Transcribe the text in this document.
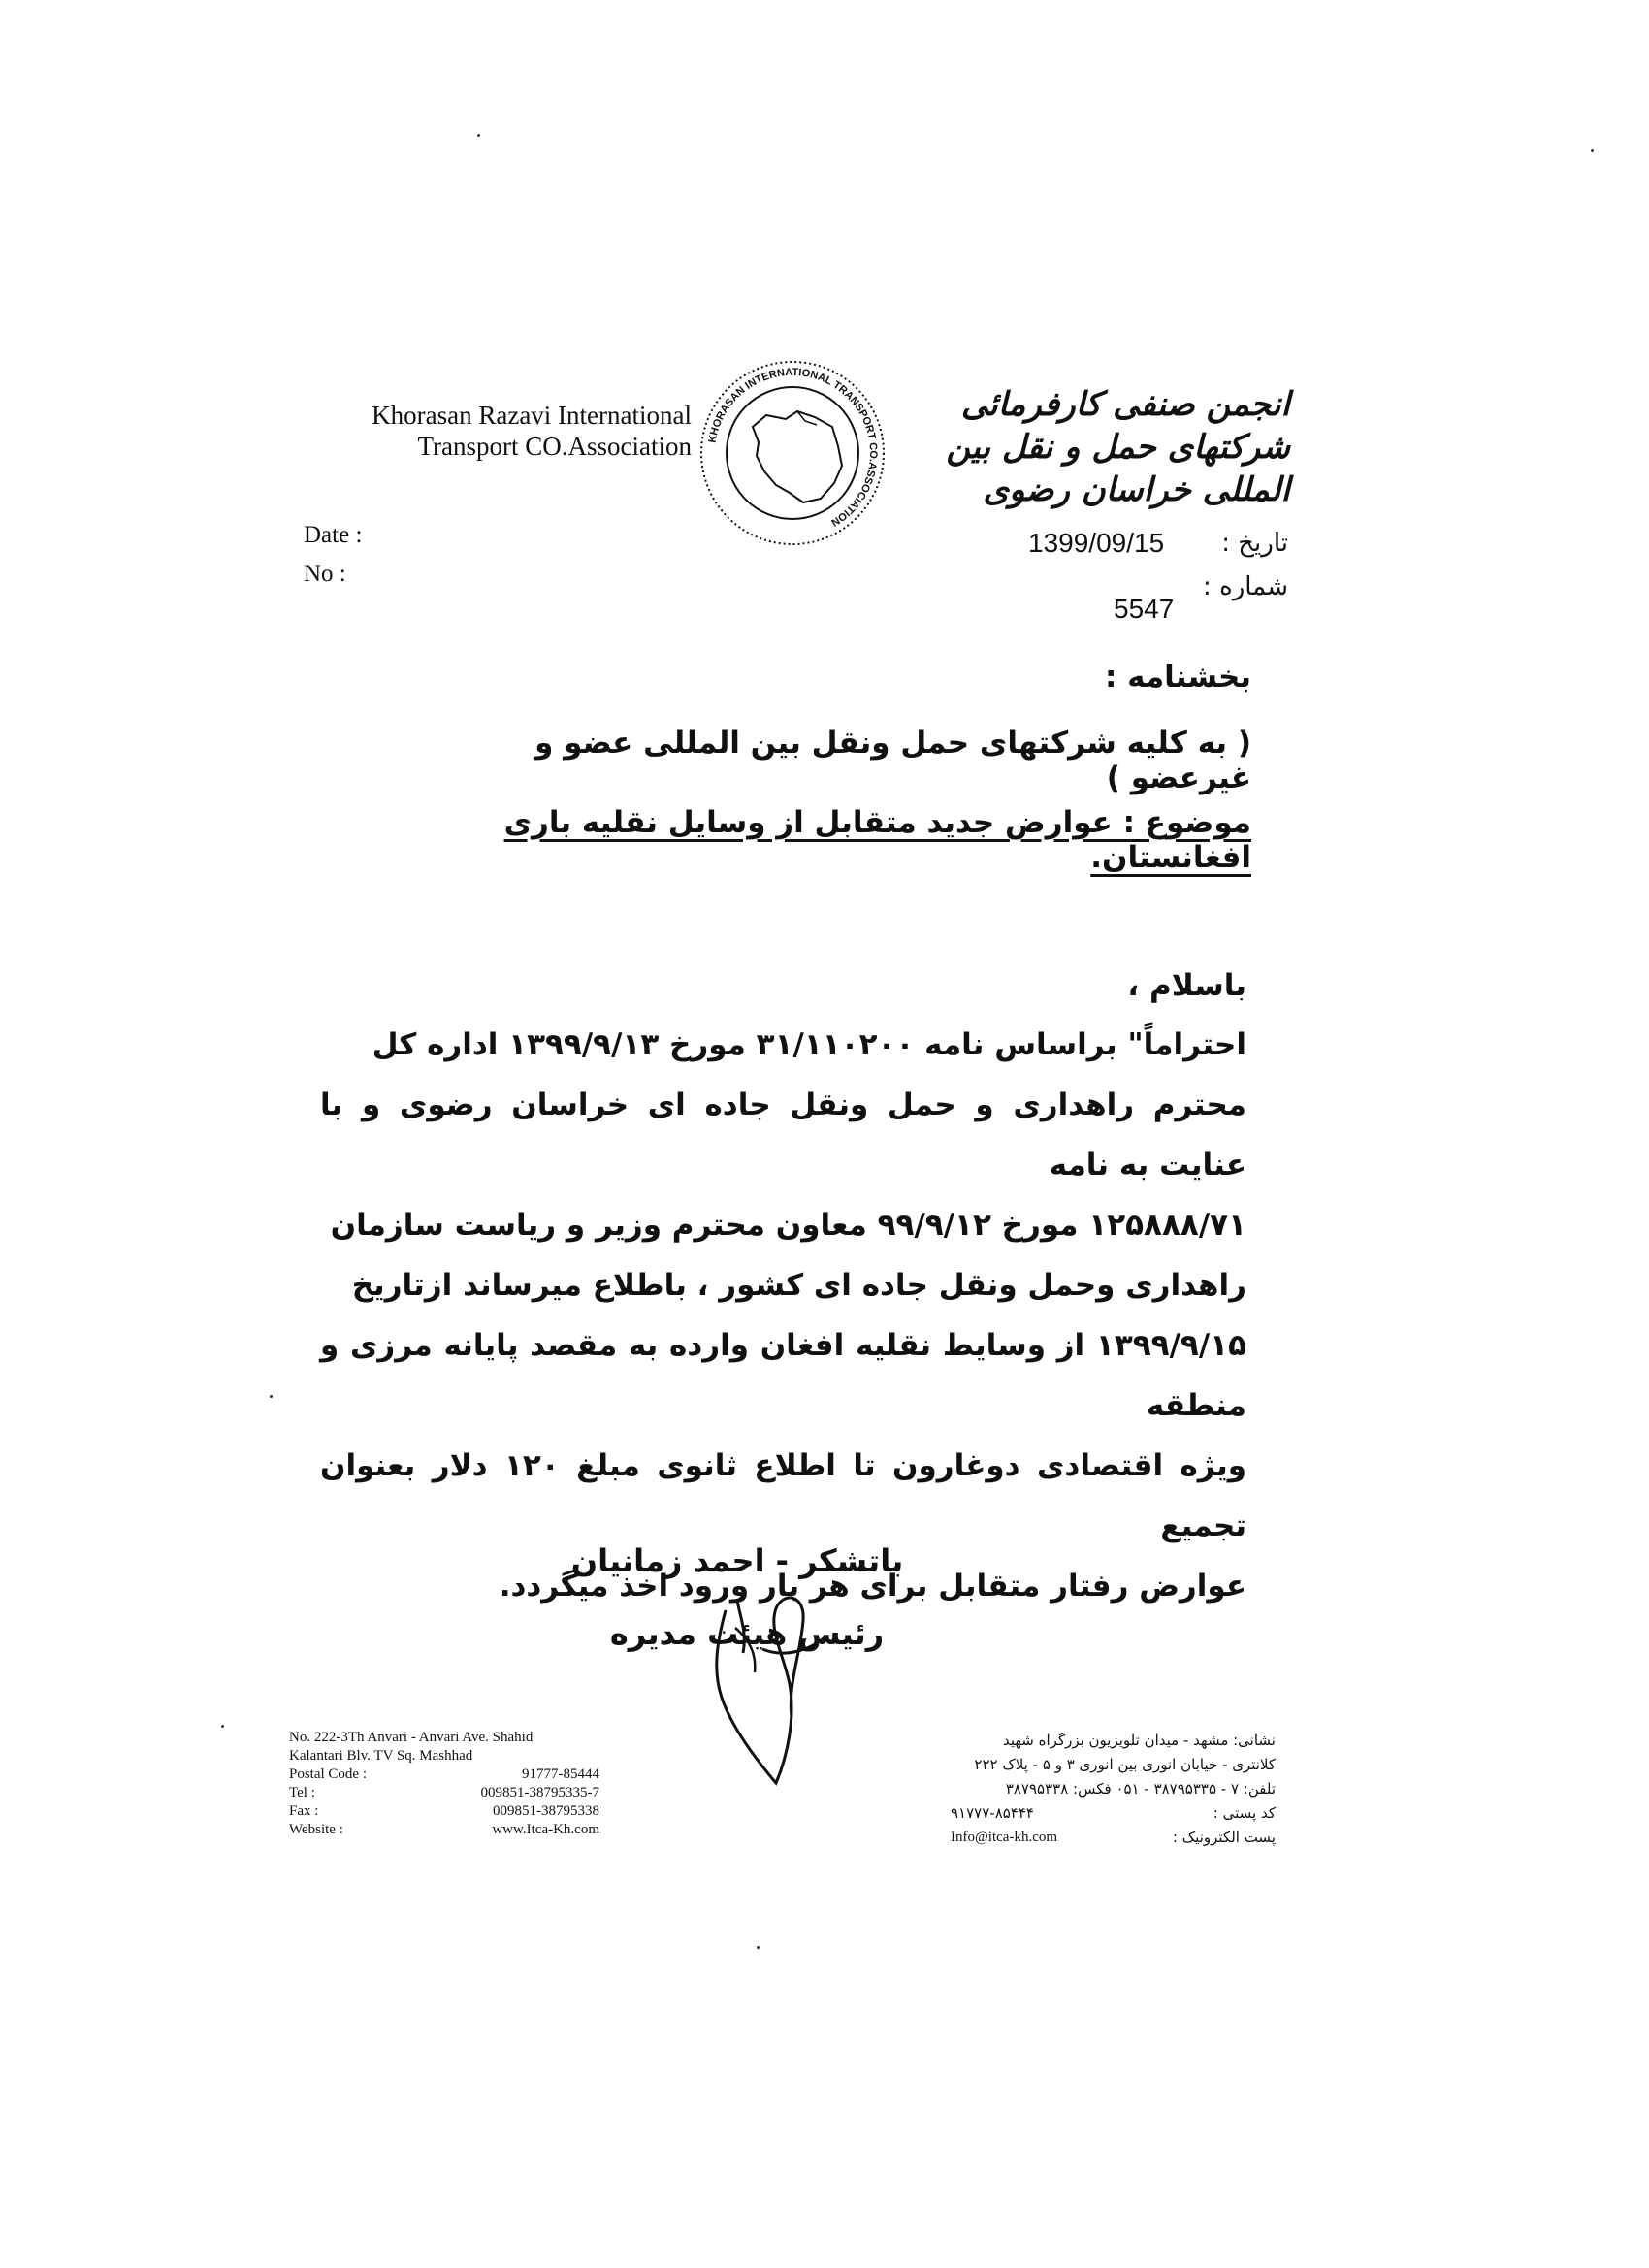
Khorasan Razavi International
Transport CO.Association KHORASAN INTERNATIONAL TRANSPORT CO.ASSOCIATION
انجمن صنفی کارفرمائی شرکتهای حمل و نقل بین المللی خراسان رضوی
Date :
No :
تاریخ :
1399/09/15
شماره :
5547
بخشنامه :
( به کلیه شرکتهای حمل ونقل بین المللی عضو و غیرعضو )
موضوع : عوارض جدید متقابل از وسایل نقلیه باری افغانستان.
باسلام ،
احتراماً" براساس نامه ۳۱/۱۱۰۲۰۰ مورخ ۱۳۹۹/۹/۱۳ اداره کل
محترم راهداری و حمل ونقل جاده ای خراسان رضوی و با عنایت به نامه
۱۲۵۸۸۸/۷۱ مورخ ۹۹/۹/۱۲ معاون محترم وزیر و ریاست سازمان
راهداری وحمل ونقل جاده ای کشور ، باطلاع میرساند ازتاریخ
۱۳۹۹/۹/۱۵ از وسایط نقلیه افغان وارده به مقصد پایانه مرزی و منطقه
ویژه اقتصادی دوغارون تا اطلاع ثانوی مبلغ ۱۲۰ دلار بعنوان تجمیع
عوارض رفتار متقابل برای هر بار ورود اخذ میگردد.
باتشکر - احمد زمانیان
رئیس هیئت مدیره
No. 222-3Th Anvari - Anvari Ave. Shahid
Kalantari Blv. TV Sq. Mashhad
Postal Code :	91777-85444
Tel :	009851-38795335-7
Fax :	009851-38795338
Website :	www.Itca-Kh.com
نشانی: مشهد - میدان تلویزیون بزرگراه شهید
کلانتری - خیابان انوری بین انوری ۳ و ۵ - پلاک ۲۲۲
تلفن: ۷ - ۳۸۷۹۵۳۳۵ - ۰۵۱ فکس: ۳۸۷۹۵۳۳۸
کد پستی :
۹۱۷۷۷-۸۵۴۴۴
پست الکترونیک :
Info@itca-kh.com
